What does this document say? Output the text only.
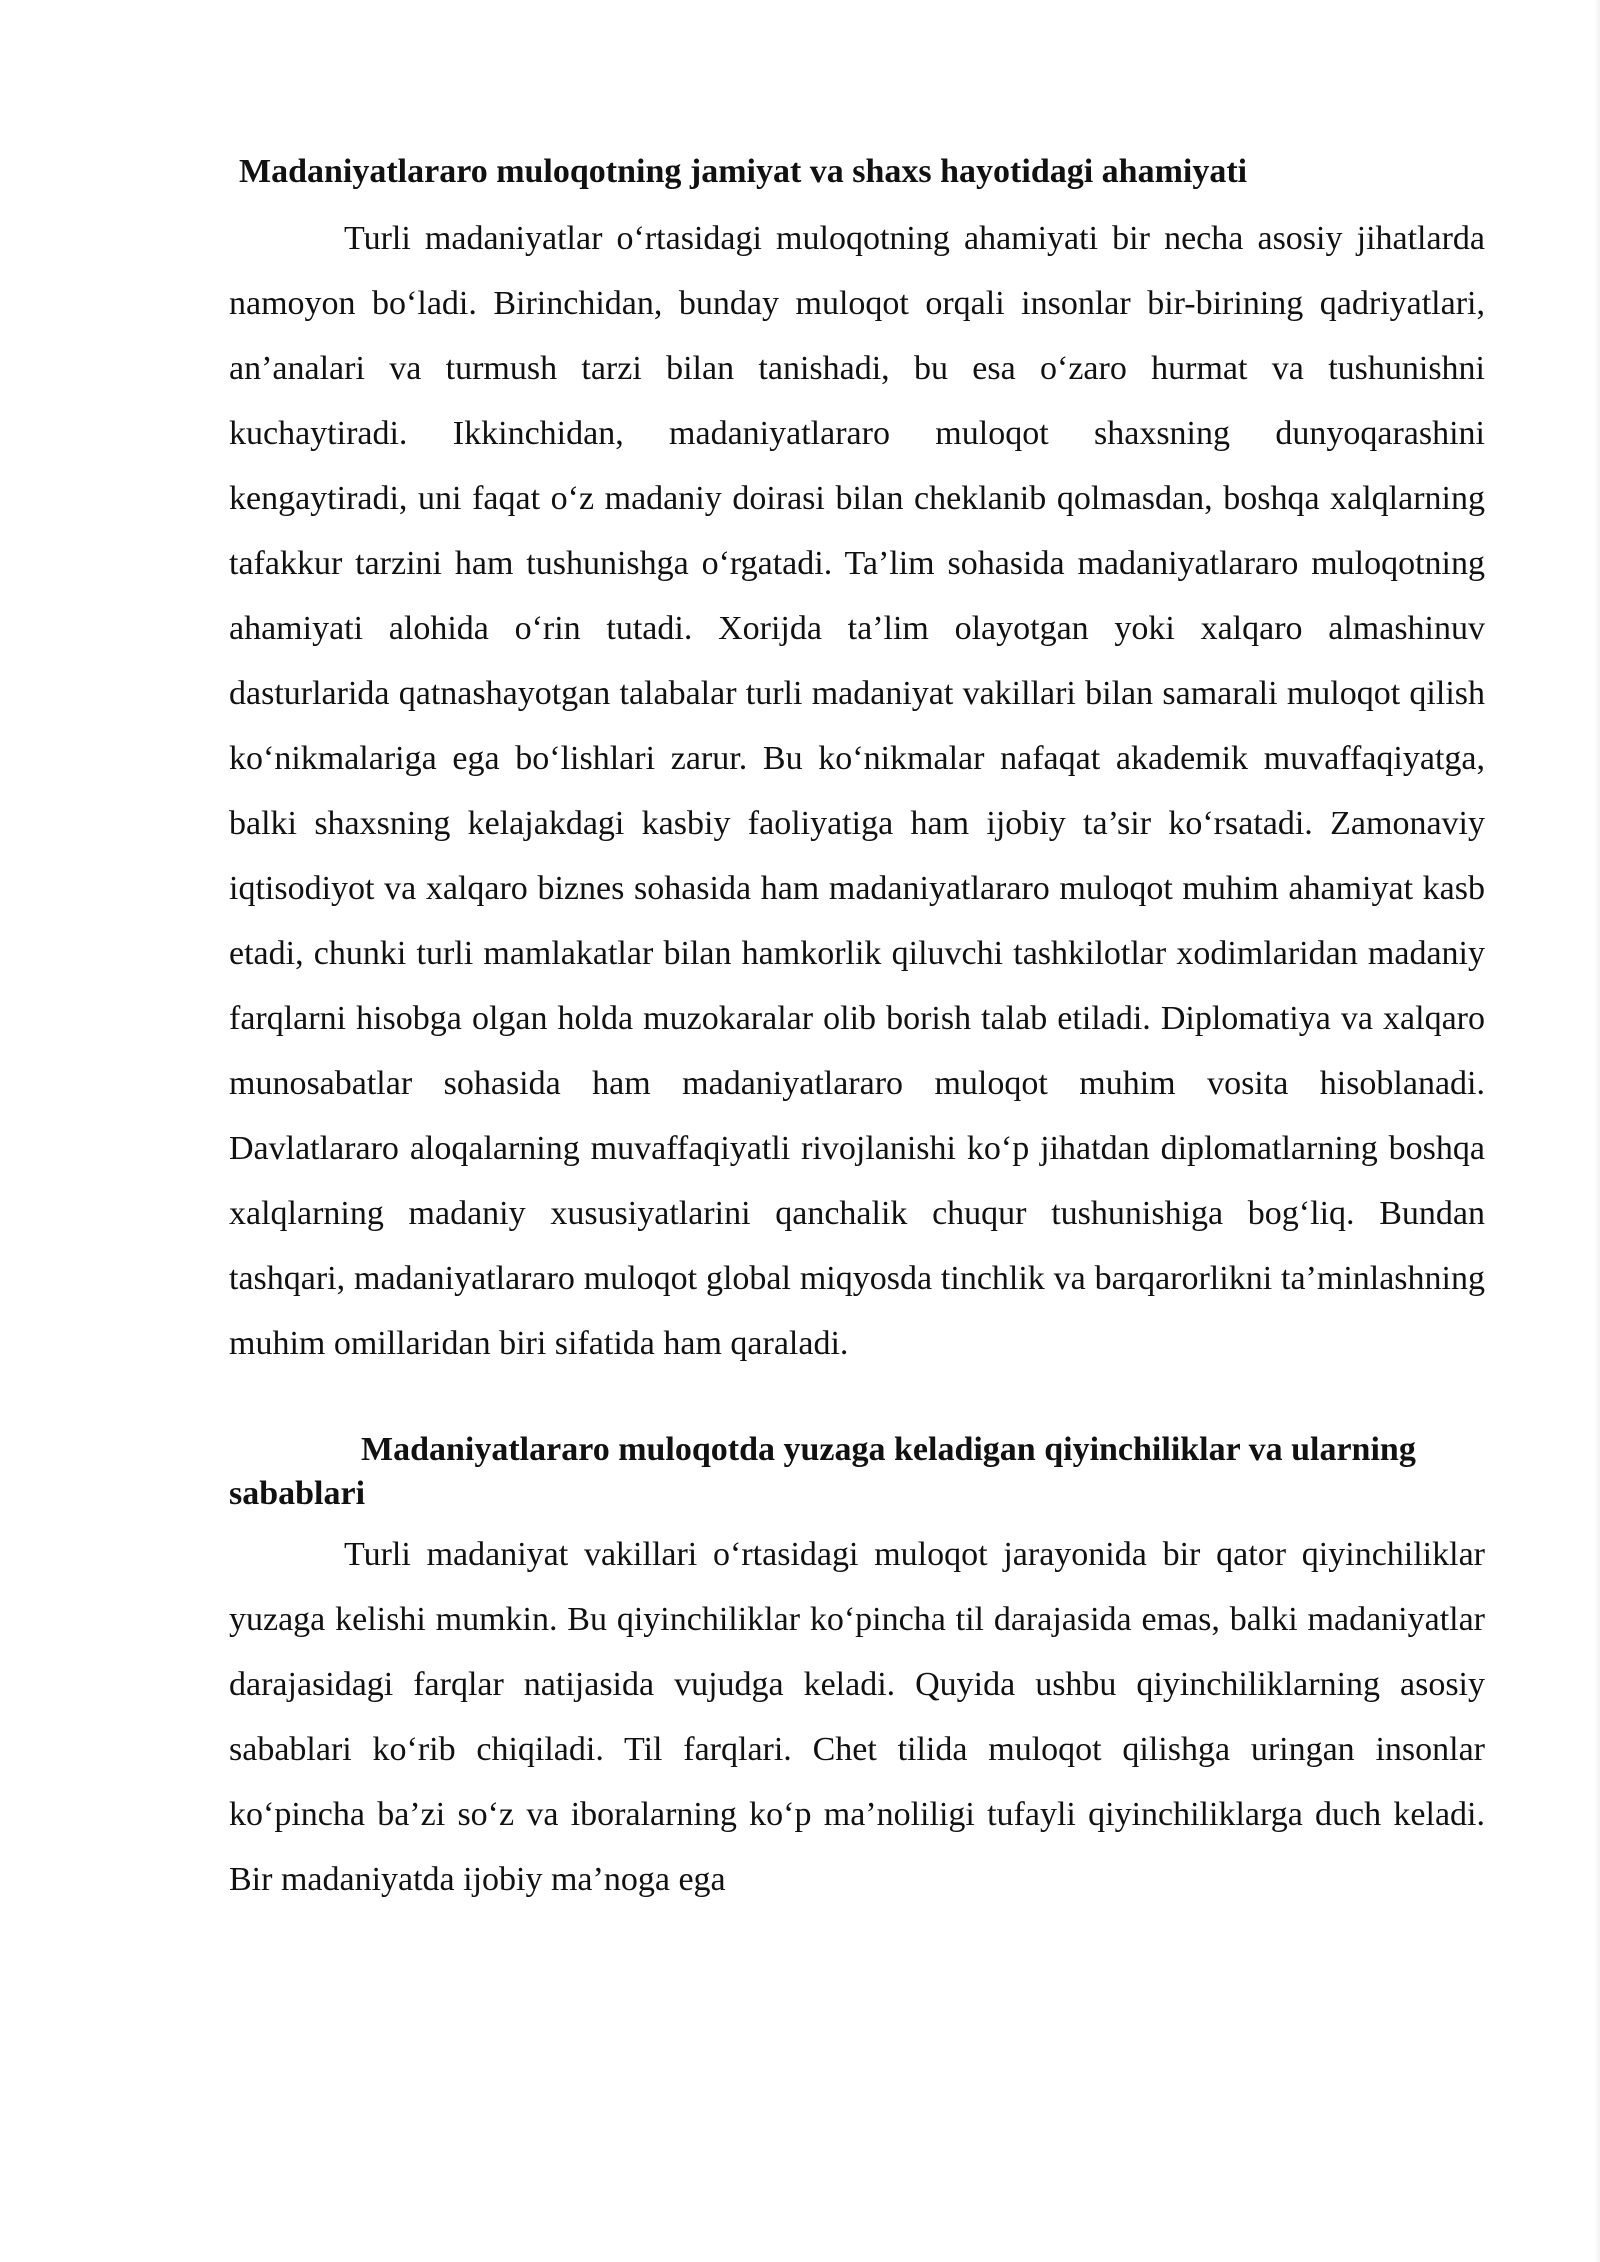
Madaniyatlararo muloqotning jamiyat va shaxs hayotidagi ahamiyati

Turli madaniyatlar o‘rtasidagi muloqotning ahamiyati bir necha asosiy jihatlarda namoyon bo‘ladi. Birinchidan, bunday muloqot orqali insonlar bir-birining qadriyatlari, an’analari va turmush tarzi bilan tanishadi, bu esa o‘zaro hurmat va tushunishni kuchaytiradi. Ikkinchidan, madaniyatlararo muloqot shaxsning dunyoqarashini kengaytiradi, uni faqat o‘z madaniy doirasi bilan cheklanib qolmasdan, boshqa xalqlarning tafakkur tarzini ham tushunishga o‘rgatadi. Ta’lim sohasida madaniyatlararo muloqotning ahamiyati alohida o‘rin tutadi. Xorijda ta’lim olayotgan yoki xalqaro almashinuv dasturlarida qatnashayotgan talabalar turli madaniyat vakillari bilan samarali muloqot qilish ko‘nikmalariga ega bo‘lishlari zarur. Bu ko‘nikmalar nafaqat akademik muvaffaqiyatga, balki shaxsning kelajakdagi kasbiy faoliyatiga ham ijobiy ta’sir ko‘rsatadi. Zamonaviy iqtisodiyot va xalqaro biznes sohasida ham madaniyatlararo muloqot muhim ahamiyat kasb etadi, chunki turli mamlakatlar bilan hamkorlik qiluvchi tashkilotlar xodimlaridan madaniy farqlarni hisobga olgan holda muzokaralar olib borish talab etiladi. Diplomatiya va xalqaro munosabatlar sohasida ham madaniyatlararo muloqot muhim vosita hisoblanadi. Davlatlararo aloqalarning muvaffaqiyatli rivojlanishi ko‘p jihatdan diplomatlarning boshqa xalqlarning madaniy xususiyatlarini qanchalik chuqur tushunishiga bog‘liq. Bundan tashqari, madaniyatlararo muloqot global miqyosda tinchlik va barqarorlikni ta’minlashning muhim omillaridan biri sifatida ham qaraladi.

Madaniyatlararo muloqotda yuzaga keladigan qiyinchiliklar va ularning sabablari

Turli madaniyat vakillari o‘rtasidagi muloqot jarayonida bir qator qiyinchiliklar yuzaga kelishi mumkin. Bu qiyinchiliklar ko‘pincha til darajasida emas, balki madaniyatlar darajasidagi farqlar natijasida vujudga keladi. Quyida ushbu qiyinchiliklarning asosiy sabablari ko‘rib chiqiladi. Til farqlari. Chet tilida muloqot qilishga uringan insonlar ko‘pincha ba’zi so‘z va iboralarning ko‘p ma’noliligi tufayli qiyinchiliklarga duch keladi. Bir madaniyatda ijobiy ma’noga ega
